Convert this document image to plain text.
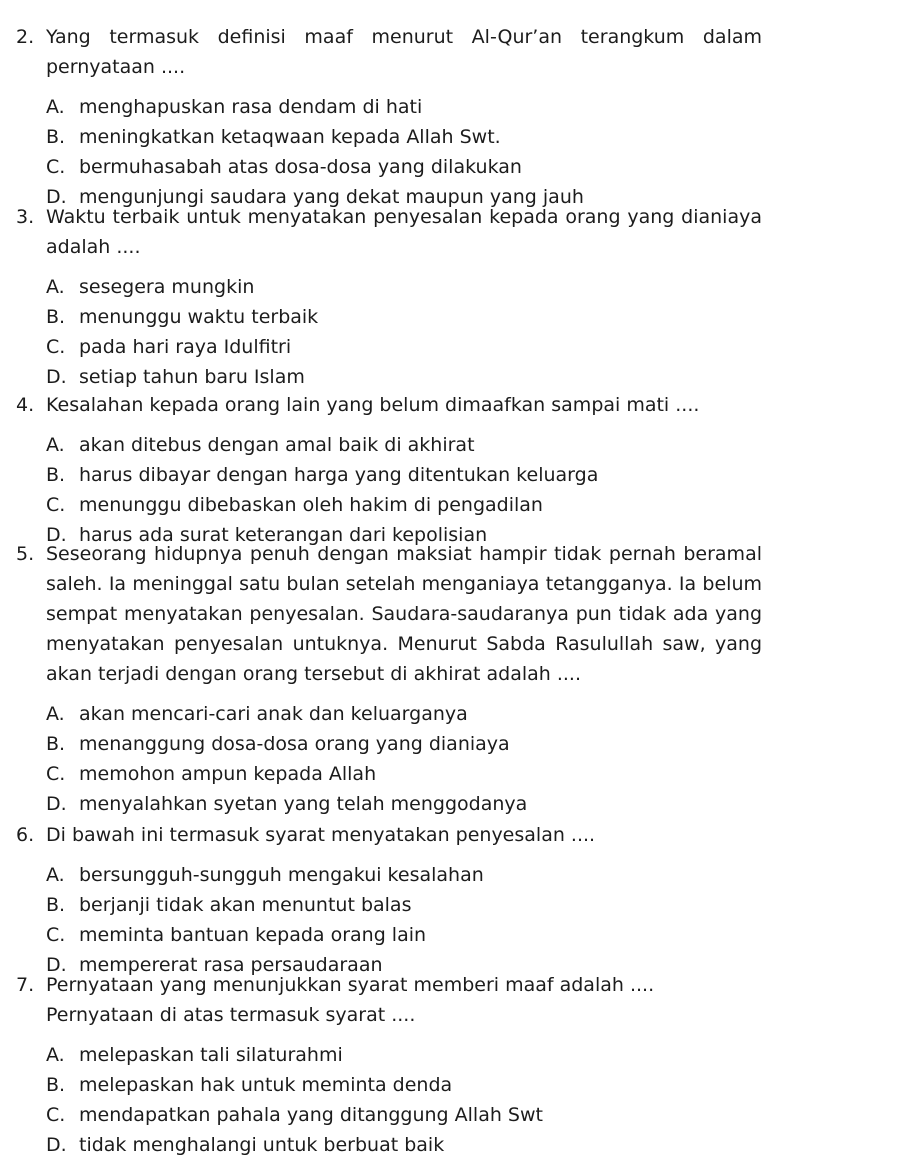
2. Yang termasuk definisi maaf menurut Al-Qur’an terangkum dalam pernyataan ....
A. menghapuskan rasa dendam di hati
B. meningkatkan ketaqwaan kepada Allah Swt.
C. bermuhasabah atas dosa-dosa yang dilakukan
D. mengunjungi saudara yang dekat maupun yang jauh
3. Waktu terbaik untuk menyatakan penyesalan kepada orang yang dianiaya adalah ....
A. sesegera mungkin
B. menunggu waktu terbaik
C. pada hari raya Idulfitri
D. setiap tahun baru Islam
4. Kesalahan kepada orang lain yang belum dimaafkan sampai mati ....
A. akan ditebus dengan amal baik di akhirat
B. harus dibayar dengan harga yang ditentukan keluarga
C. menunggu dibebaskan oleh hakim di pengadilan
D. harus ada surat keterangan dari kepolisian
5. Seseorang hidupnya penuh dengan maksiat hampir tidak pernah beramal saleh. Ia meninggal satu bulan setelah menganiaya tetangganya. Ia belum sempat menyatakan penyesalan. Saudara-saudaranya pun tidak ada yang menyatakan penyesalan untuknya. Menurut Sabda Rasulullah saw, yang akan terjadi dengan orang tersebut di akhirat adalah ....
A. akan mencari-cari anak dan keluarganya
B. menanggung dosa-dosa orang yang dianiaya
C. memohon ampun kepada Allah
D. menyalahkan syetan yang telah menggodanya
6. Di bawah ini termasuk syarat menyatakan penyesalan ....
A. bersungguh-sungguh mengakui kesalahan
B. berjanji tidak akan menuntut balas
C. meminta bantuan kepada orang lain
D. mempererat rasa persaudaraan
7. Pernyataan yang menunjukkan syarat memberi maaf adalah ....
Pernyataan di atas termasuk syarat ....
A. melepaskan tali silaturahmi
B. melepaskan hak untuk meminta denda
C. mendapatkan pahala yang ditanggung Allah Swt
D. tidak menghalangi untuk berbuat baik
